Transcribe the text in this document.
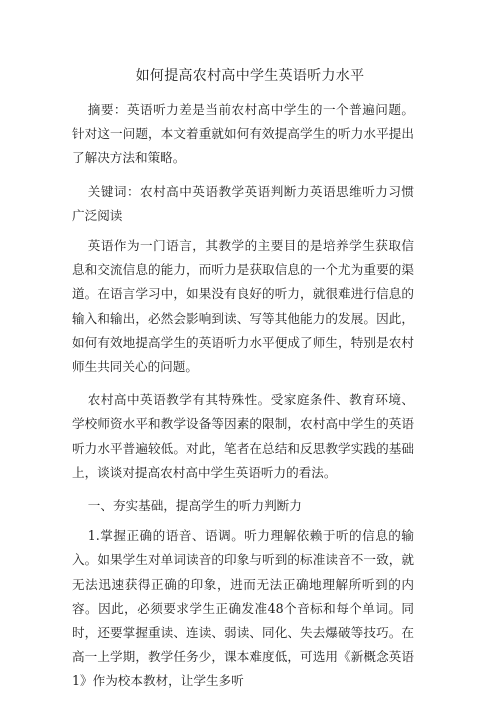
如何提高农村高中学生英语听力水平

摘要：英语听力差是当前农村高中学生的一个普遍问题。针对这一问题，本文着重就如何有效提高学生的听力水平提出了解决方法和策略。

关键词：农村高中英语教学英语判断力英语思维听力习惯广泛阅读

英语作为一门语言，其教学的主要目的是培养学生获取信息和交流信息的能力，而听力是获取信息的一个尤为重要的渠道。在语言学习中，如果没有良好的听力，就很难进行信息的输入和输出，必然会影响到读、写等其他能力的发展。因此，如何有效地提高学生的英语听力水平便成了师生，特别是农村师生共同关心的问题。

农村高中英语教学有其特殊性。受家庭条件、教育环境、学校师资水平和教学设备等因素的限制，农村高中学生的英语听力水平普遍较低。对此，笔者在总结和反思教学实践的基础上，谈谈对提高农村高中学生英语听力的看法。

一、夯实基础，提高学生的听力判断力

1.掌握正确的语音、语调。听力理解依赖于听的信息的输入。如果学生对单词读音的印象与听到的标准读音不一致，就无法迅速获得正确的印象，进而无法正确地理解所听到的内容。因此，必须要求学生正确发准48个音标和每个单词。同时，还要掌握重读、连读、弱读、同化、失去爆破等技巧。在高一上学期，教学任务少，课本难度低，可选用《新概念英语1》作为校本教材，让学生多听
